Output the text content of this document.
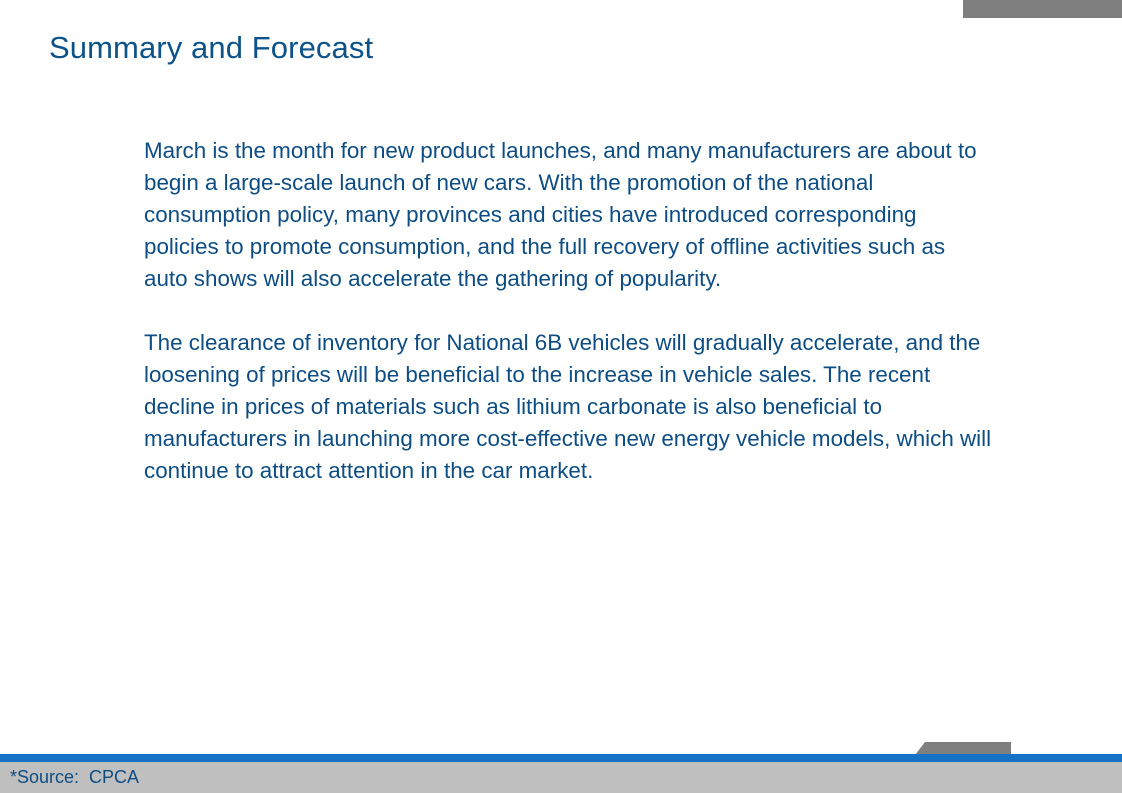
Summary and Forecast

March is the month for new product launches, and many manufacturers are about to begin a large-scale launch of new cars. With the promotion of the national consumption policy, many provinces and cities have introduced corresponding policies to promote consumption, and the full recovery of offline activities such as auto shows will also accelerate the gathering of popularity.

The clearance of inventory for National 6B vehicles will gradually accelerate, and the loosening of prices will be beneficial to the increase in vehicle sales. The recent decline in prices of materials such as lithium carbonate is also beneficial to manufacturers in launching more cost-effective new energy vehicle models, which will continue to attract attention in the car market.

*Source:  CPCA
